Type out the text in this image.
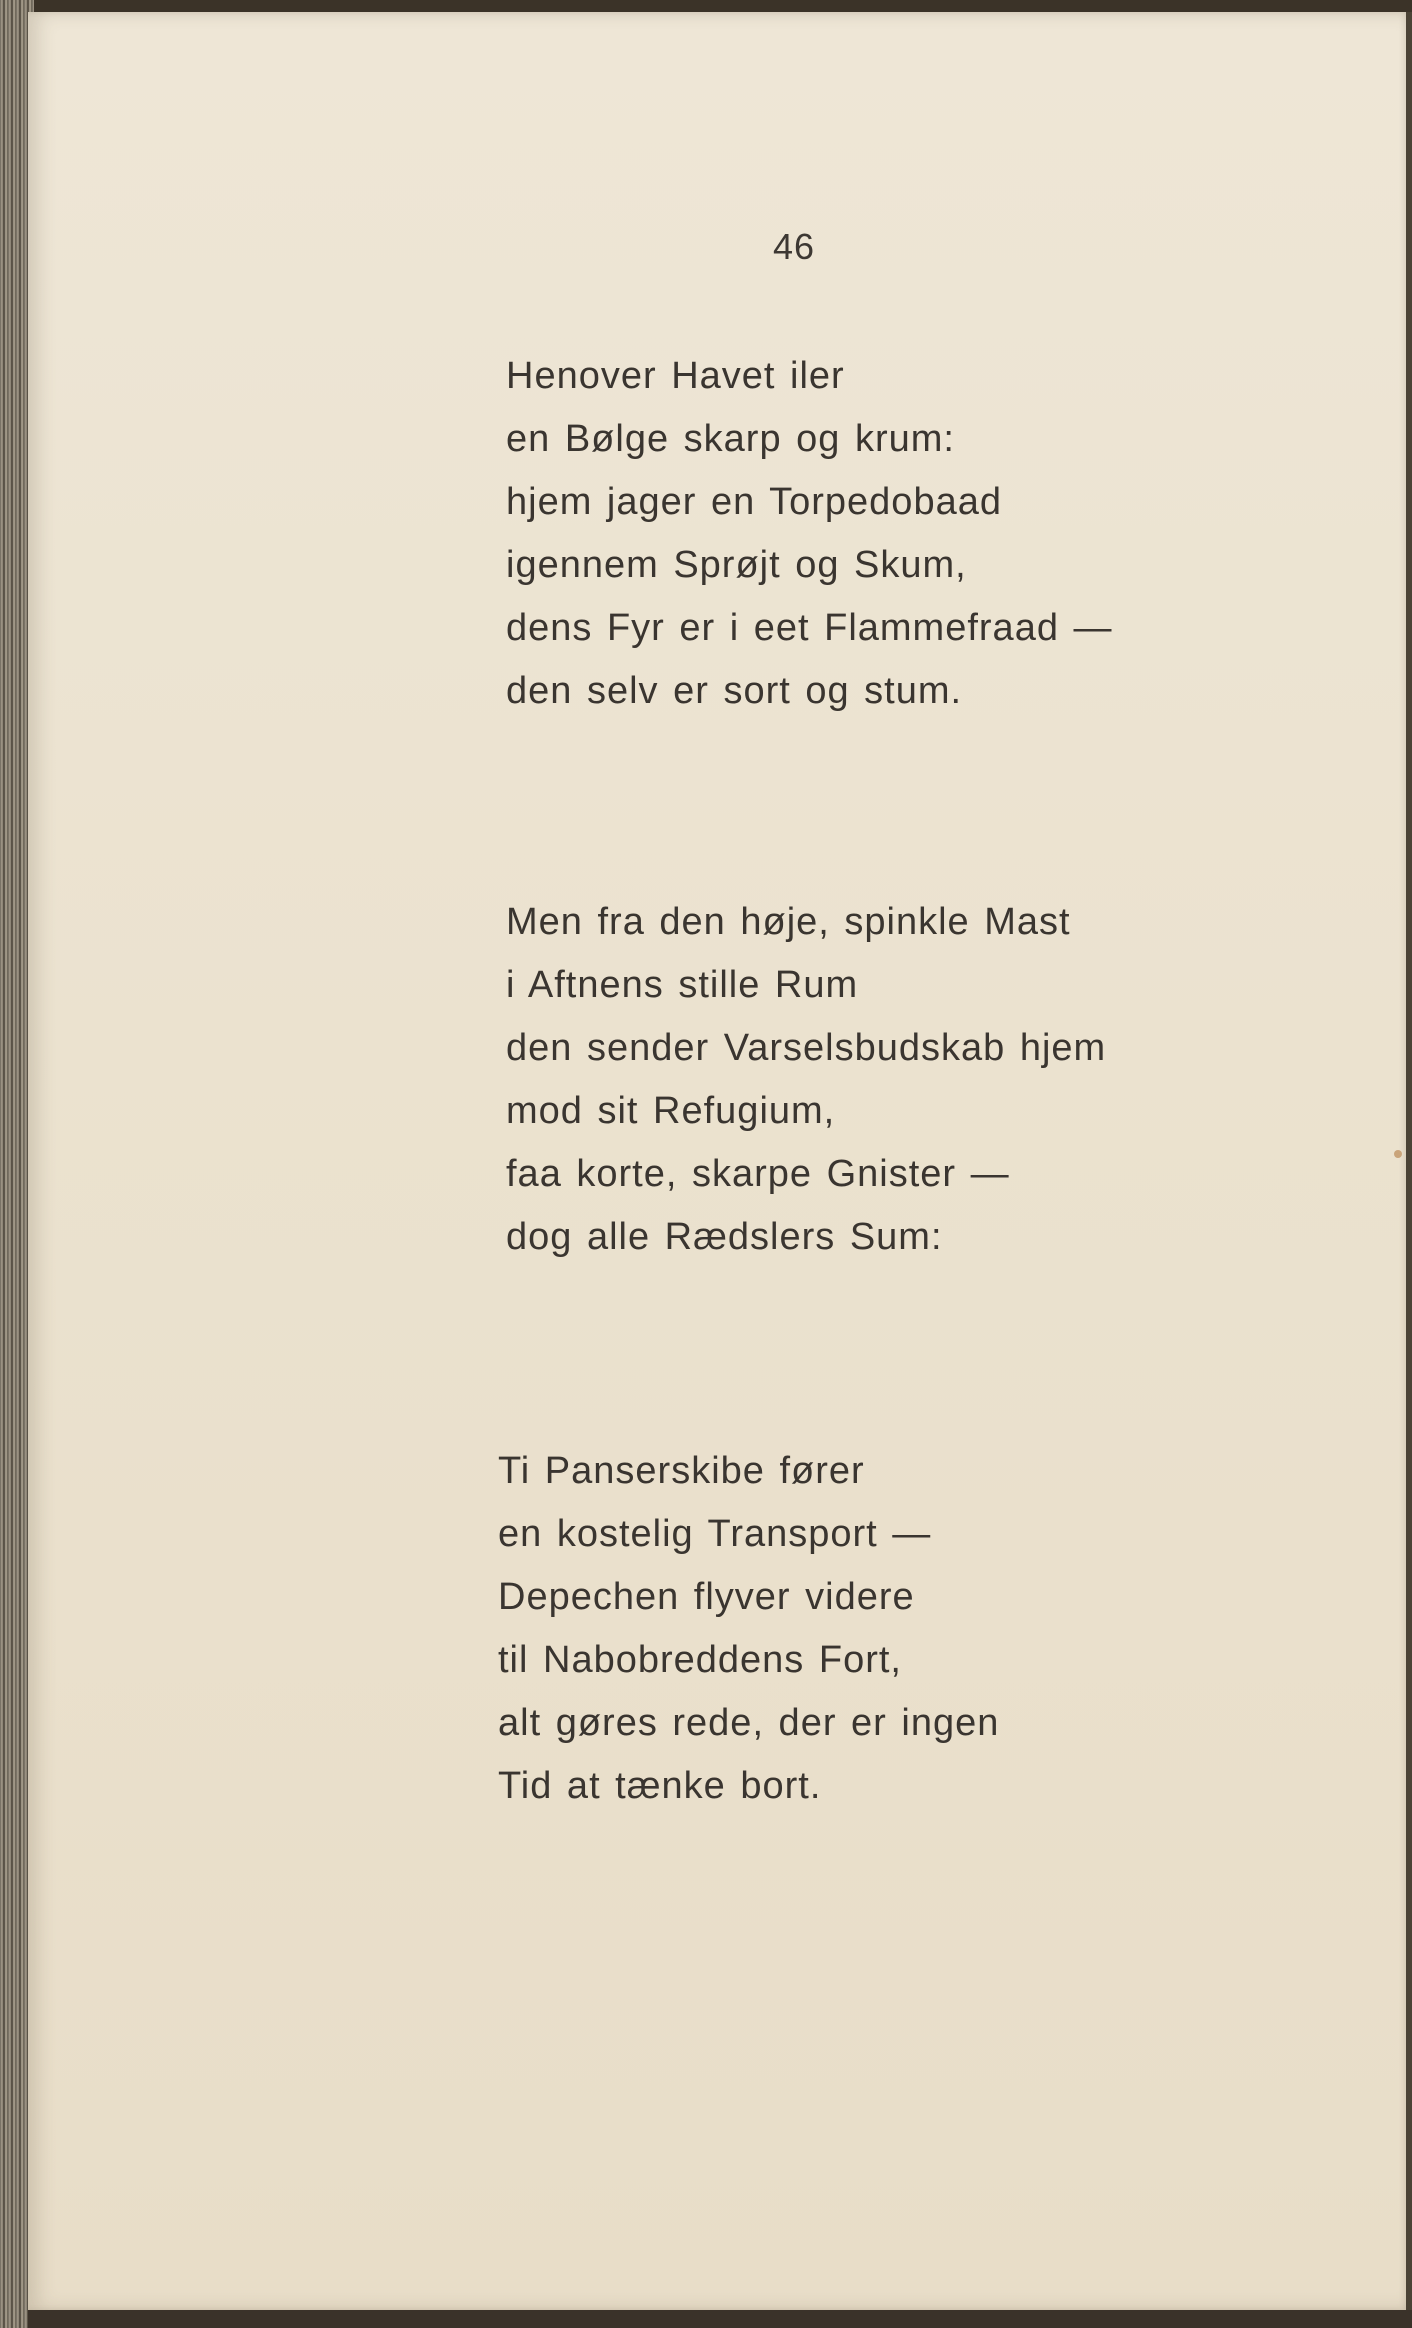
46
Henover Havet iler
en Bølge skarp og krum:
hjem jager en Torpedobaad
igennem Sprøjt og Skum,
dens Fyr er i eet Flammefraad —
den selv er sort og stum.
Men fra den høje, spinkle Mast
i Aftnens stille Rum
den sender Varselsbudskab hjem
mod sit Refugium,
faa korte, skarpe Gnister —
dog alle Rædslers Sum:
Ti Panserskibe fører
en kostelig Transport —
Depechen flyver videre
til Nabobreddens Fort,
alt gøres rede, der er ingen
Tid at tænke bort.
